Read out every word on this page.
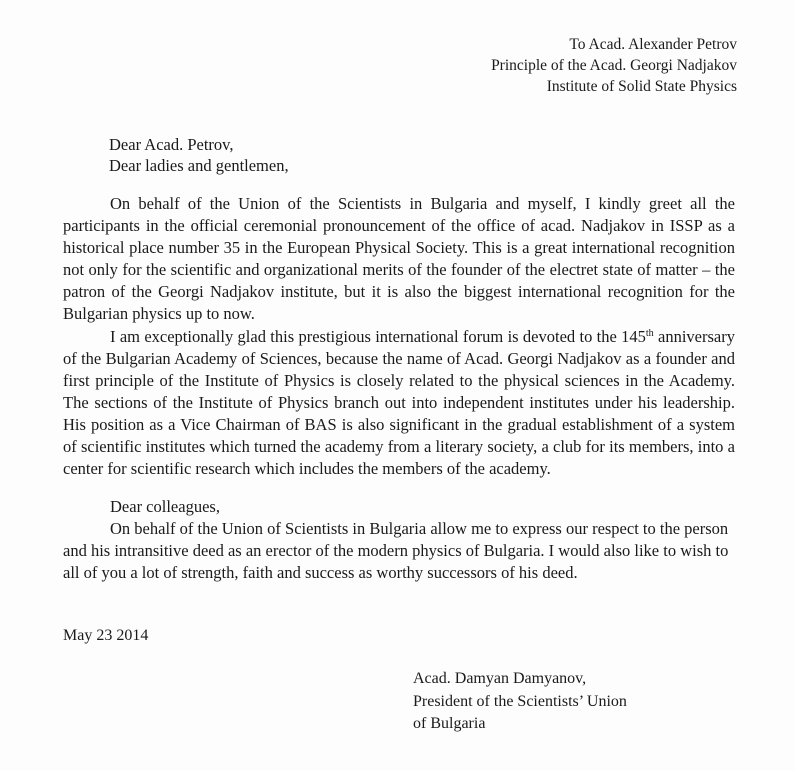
To Acad. Alexander Petrov
Principle of the Acad. Georgi Nadjakov
Institute of Solid State Physics
Dear Acad. Petrov,
Dear ladies and gentlemen,

On behalf of the Union of the Scientists in Bulgaria and myself, I kindly greet all the participants in the official ceremonial pronouncement of the office of acad. Nadjakov in ISSP as a historical place number 35 in the European Physical Society. This is a great international recognition not only for the scientific and organizational merits of the founder of the electret state of matter – the patron of the Georgi Nadjakov institute, but it is also the biggest international recognition for the Bulgarian physics up to now.

I am exceptionally glad this prestigious international forum is devoted to the 145th anniversary of the Bulgarian Academy of Sciences, because the name of Acad. Georgi Nadjakov as a founder and first principle of the Institute of Physics is closely related to the physical sciences in the Academy. The sections of the Institute of Physics branch out into independent institutes under his leadership. His position as a Vice Chairman of BAS is also significant in the gradual establishment of a system of scientific institutes which turned the academy from a literary society, a club for its members, into a center for scientific research which includes the members of the academy.

Dear colleagues,

On behalf of the Union of Scientists in Bulgaria allow me to express our respect to the person and his intransitive deed as an erector of the modern physics of Bulgaria. I would also like to wish to all of you a lot of strength, faith and success as worthy successors of his deed.

May 23 2014
Acad. Damyan Damyanov,
President of the Scientists’ Union
of Bulgaria
